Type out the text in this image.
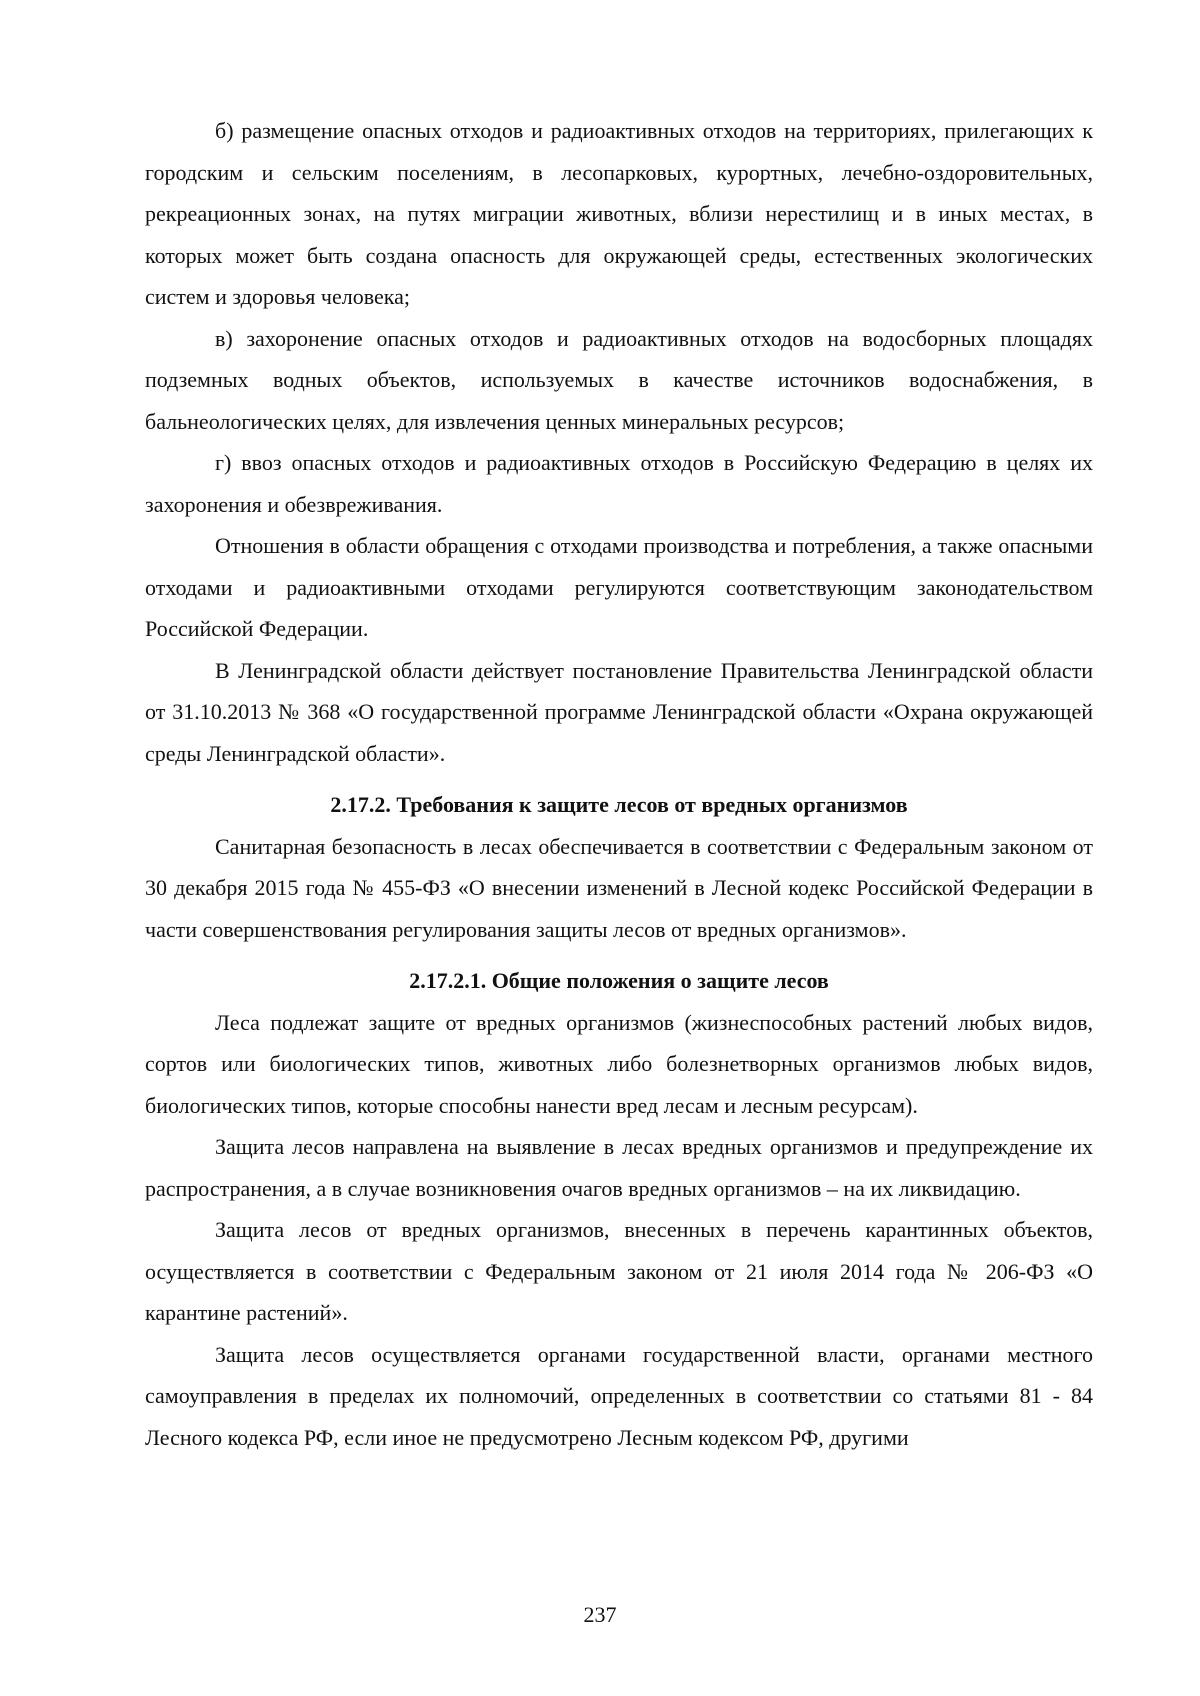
б) размещение опасных отходов и радиоактивных отходов на территориях, прилегающих к городским и сельским поселениям, в лесопарковых, курортных, лечебно-оздоровительных, рекреационных зонах, на путях миграции животных, вблизи нерестилищ и в иных местах, в которых может быть создана опасность для окружающей среды, естественных экологических систем и здоровья человека;

в) захоронение опасных отходов и радиоактивных отходов на водосборных площадях подземных водных объектов, используемых в качестве источников водоснабжения, в бальнеологических целях, для извлечения ценных минеральных ресурсов;

г) ввоз опасных отходов и радиоактивных отходов в Российскую Федерацию в целях их захоронения и обезвреживания.

Отношения в области обращения с отходами производства и потребления, а также опасными отходами и радиоактивными отходами регулируются соответствующим законодательством Российской Федерации.

В Ленинградской области действует постановление Правительства Ленинградской области от 31.10.2013 № 368 «О государственной программе Ленинградской области «Охрана окружающей среды Ленинградской области».

2.17.2. Требования к защите лесов от вредных организмов

Санитарная безопасность в лесах обеспечивается в соответствии с Федеральным законом от 30 декабря 2015 года № 455-ФЗ «О внесении изменений в Лесной кодекс Российской Федерации в части совершенствования регулирования защиты лесов от вредных организмов».

2.17.2.1. Общие положения о защите лесов

Леса подлежат защите от вредных организмов (жизнеспособных растений любых видов, сортов или биологических типов, животных либо болезнетворных организмов любых видов, биологических типов, которые способны нанести вред лесам и лесным ресурсам).

Защита лесов направлена на выявление в лесах вредных организмов и предупреждение их распространения, а в случае возникновения очагов вредных организмов – на их ликвидацию.

Защита лесов от вредных организмов, внесенных в перечень карантинных объектов, осуществляется в соответствии с Федеральным законом от 21 июля 2014 года № 206-ФЗ «О карантине растений».

Защита лесов осуществляется органами государственной власти, органами местного самоуправления в пределах их полномочий, определенных в соответствии со статьями 81 - 84 Лесного кодекса РФ, если иное не предусмотрено Лесным кодексом РФ, другими

237
